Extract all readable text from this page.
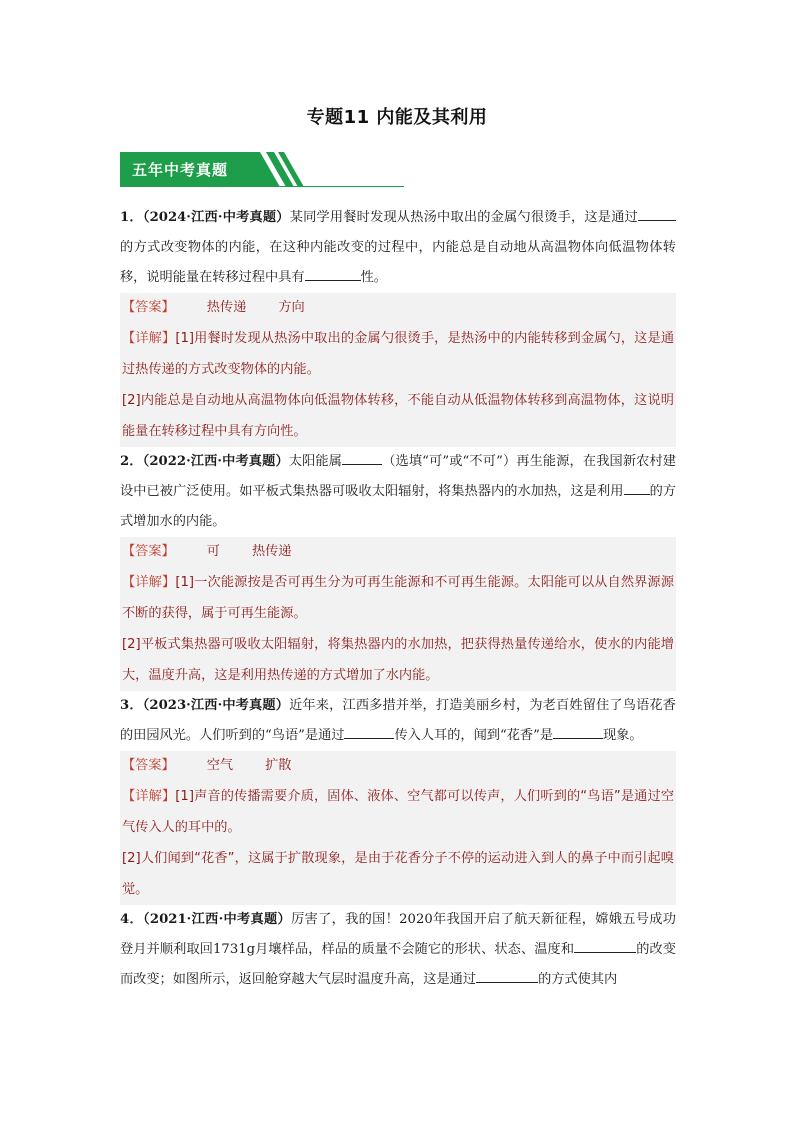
专题11 内能及其利用
五年中考真题
1．（2024·江西·中考真题）某同学用餐时发现从热汤中取出的金属勺很烫手，这是通过的方式改变物体的内能，在这种内能改变的过程中，内能总是自动地从高温物体向低温物体转移，说明能量在转移过程中具有	性。
【答案】 热传递 方向
【详解】[1]用餐时发现从热汤中取出的金属勺很烫手，是热汤中的内能转移到金属勺，这是通过热传递的方式改变物体的内能。
[2]内能总是自动地从高温物体向低温物体转移，不能自动从低温物体转移到高温物体，这说明能量在转移过程中具有方向性。
2．（2022·江西·中考真题）太阳能属	（选填“可”或“不可”）再生能源，在我国新农村建设中已被广泛使用。如平板式集热器可吸收太阳辐射，将集热器内的水加热，这是利用 的方式增加水的内能。
【答案】 可 热传递
【详解】[1]一次能源按是否可再生分为可再生能源和不可再生能源。太阳能可以从自然界源源不断的获得，属于可再生能源。
[2]平板式集热器可吸收太阳辐射，将集热器内的水加热，把获得热量传递给水，使水的内能增大，温度升高，这是利用热传递的方式增加了水内能。
3．（2023·江西·中考真题）近年来，江西多措并举，打造美丽乡村，为老百姓留住了鸟语花香的田园风光。人们听到的“鸟语”是通过	传入人耳的，闻到“花香”是	现象。
【答案】 空气 扩散
【详解】[1]声音的传播需要介质，固体、液体、空气都可以传声，人们听到的“鸟语”是通过空气传入人的耳中的。
[2]人们闻到“花香”，这属于扩散现象，是由于花香分子不停的运动进入到人的鼻子中而引起嗅觉。
4．（2021·江西·中考真题）厉害了，我的国！2020年我国开启了航天新征程，嫦娥五号成功登月并顺利取回1731g月壤样品，样品的质量不会随它的形状、状态、温度和	的改变而改变；如图所示，返回舱穿越大气层时温度升高，这是通过	的方式使其内
